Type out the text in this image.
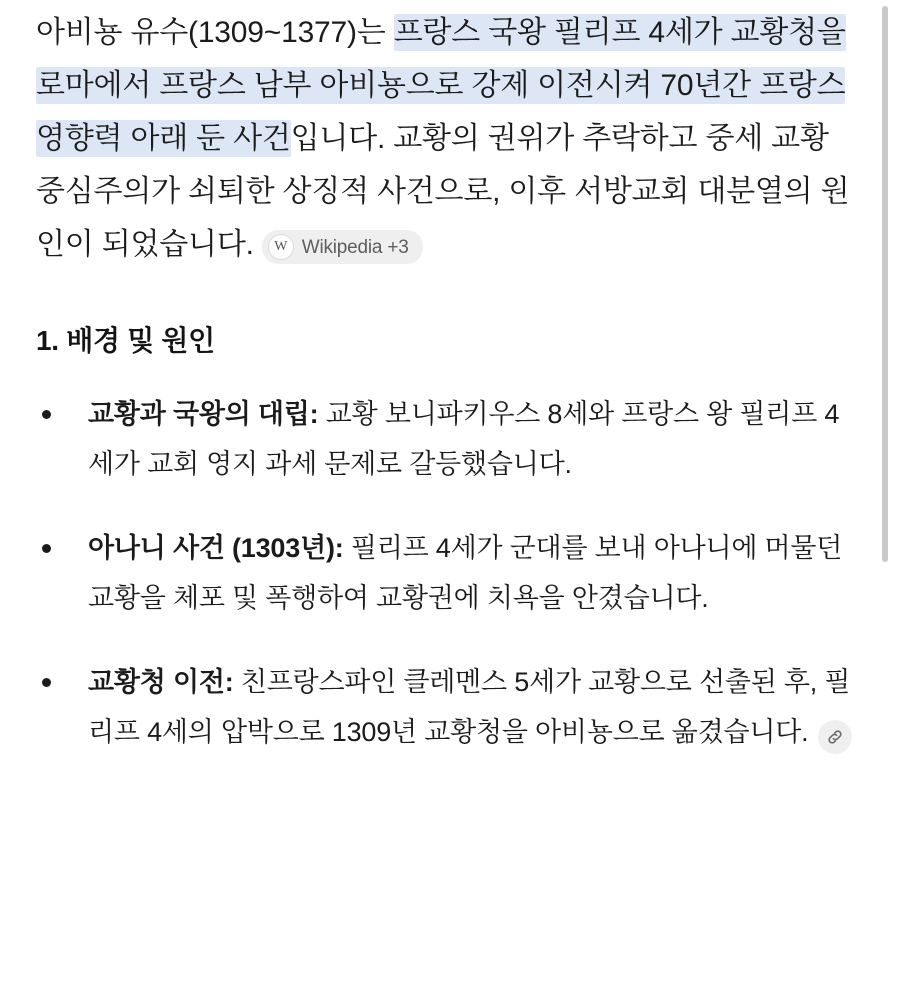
아비뇽 유수(1309~1377)는 프랑스 국왕 필리프 4세가 교황청을 로마에서 프랑스 남부 아비뇽으로 강제 이전시켜 70년간 프랑스 영향력 아래 둔 사건입니다. 교황의 권위가 추락하고 중세 교황 중심주의가 쇠퇴한 상징적 사건으로, 이후 서방교회 대분열의 원인이 되었습니다.	W Wikipedia +3

1. 배경 및 원인
교황과 국왕의 대립: 교황 보니파키우스 8세와 프랑스 왕 필리프 4세가 교회 영지 과세 문제로 갈등했습니다.
아나니 사건 (1303년): 필리프 4세가 군대를 보내 아나니에 머물던 교황을 체포 및 폭행하여 교황권에 치욕을 안겼습니다.
교황청 이전: 친프랑스파인 클레멘스 5세가 교황으로 선출된 후, 필리프 4세의 압박으로 1309년 교황청을 아비뇽으로 옮겼습니다.
